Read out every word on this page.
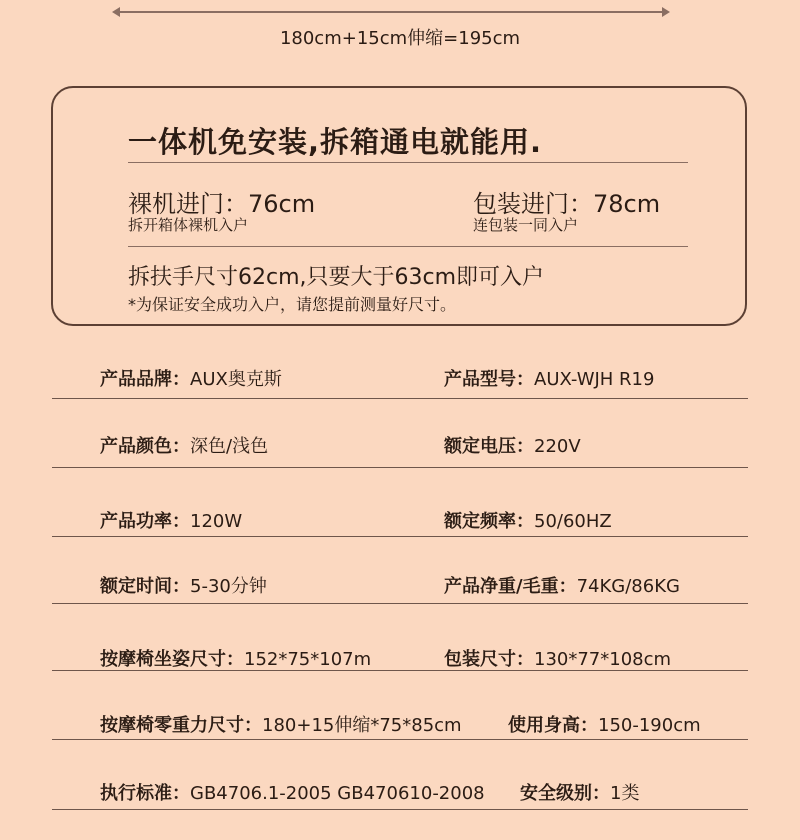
180cm+15cm伸缩=195cm
一体机免安装,拆箱通电就能用.
裸机进门：76cm
拆开箱体裸机入户
包装进门：78cm
连包装一同入户
拆扶手尺寸62cm,只要大于63cm即可入户
*为保证安全成功入户，请您提前测量好尺寸。
产品品牌：AUX奥克斯	产品型号：AUX-WJH R19
产品颜色：深色/浅色	额定电压：220V
产品功率：120W	额定频率：50/60HZ
额定时间：5-30分钟	产品净重/毛重：74KG/86KG
按摩椅坐姿尺寸：152*75*107m	包装尺寸：130*77*108cm
按摩椅零重力尺寸：180+15伸缩*75*85cm	使用身高：150-190cm
执行标准：GB4706.1-2005 GB470610-2008 安全级别：1类
